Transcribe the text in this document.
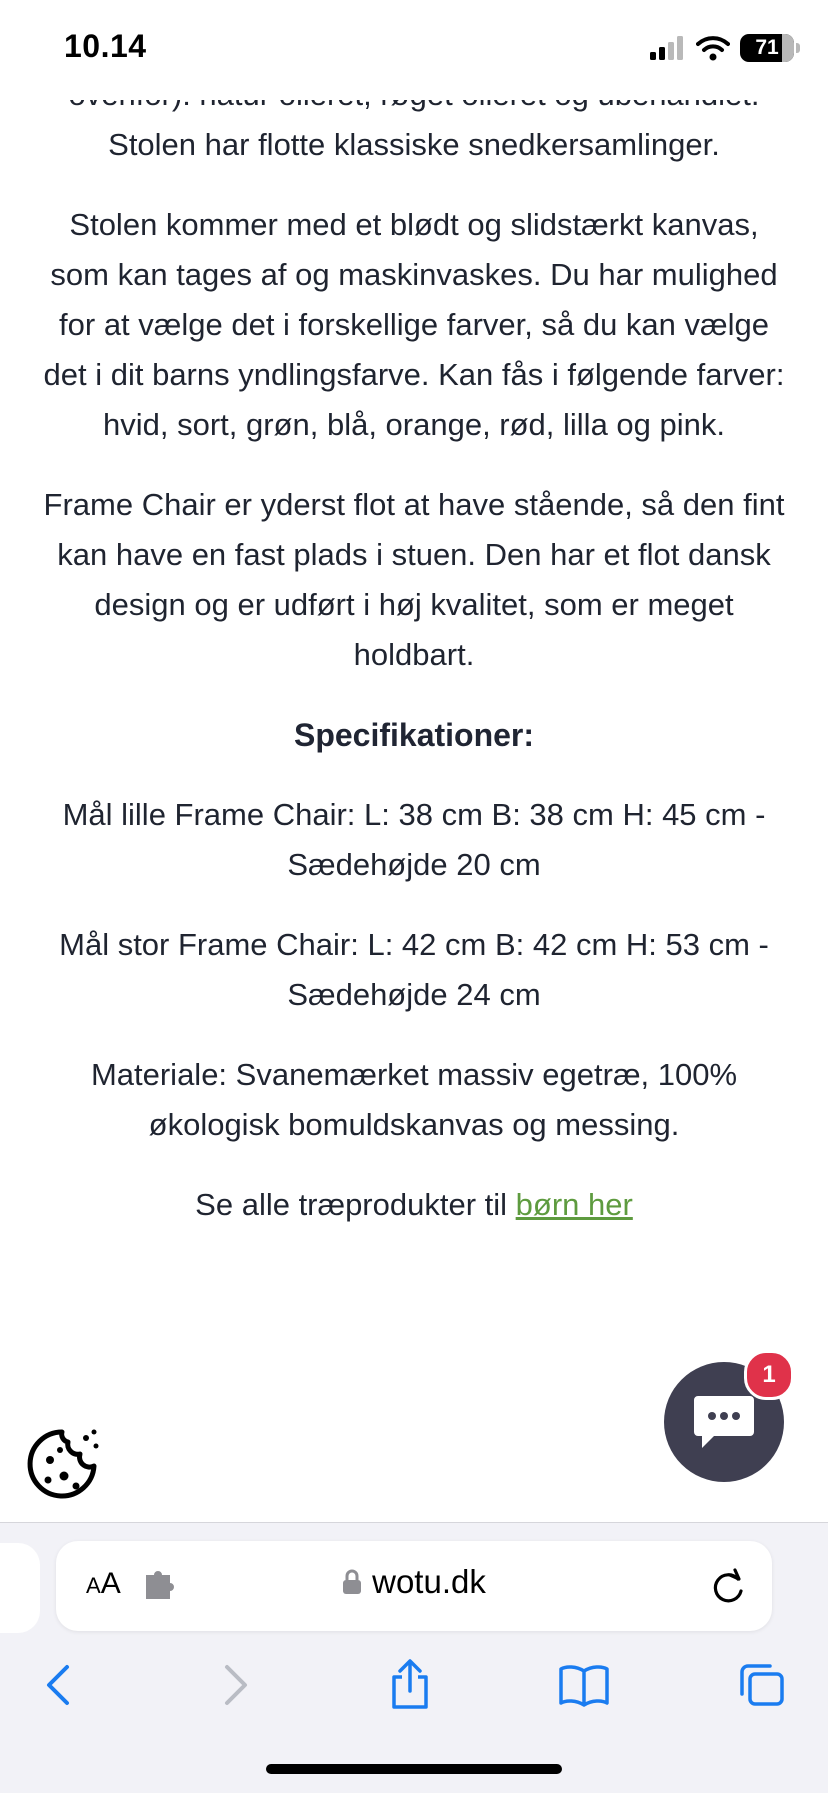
10.14	71

Stolen har flotte klassiske snedkersamlinger.

Stolen kommer med et blødt og slidstærkt kanvas, som kan tages af og maskinvaskes. Du har mulighed for at vælge det i forskellige farver, så du kan vælge det i dit barns yndlingsfarve. Kan fås i følgende farver: hvid, sort, grøn, blå, orange, rød, lilla og pink.

Frame Chair er yderst flot at have stående, så den fint kan have en fast plads i stuen. Den har et flot dansk design og er udført i høj kvalitet, som er meget holdbart.

Specifikationer:

Mål lille Frame Chair: L: 38 cm B: 38 cm H: 45 cm - Sædehøjde 20 cm

Mål stor Frame Chair: L: 42 cm B: 42 cm H: 53 cm - Sædehøjde 24 cm

Materiale: Svanemærket massiv egetræ, 100% økologisk bomuldskanvas og messing.

Se alle træprodukter til børn her

1
AA	wotu.dk
